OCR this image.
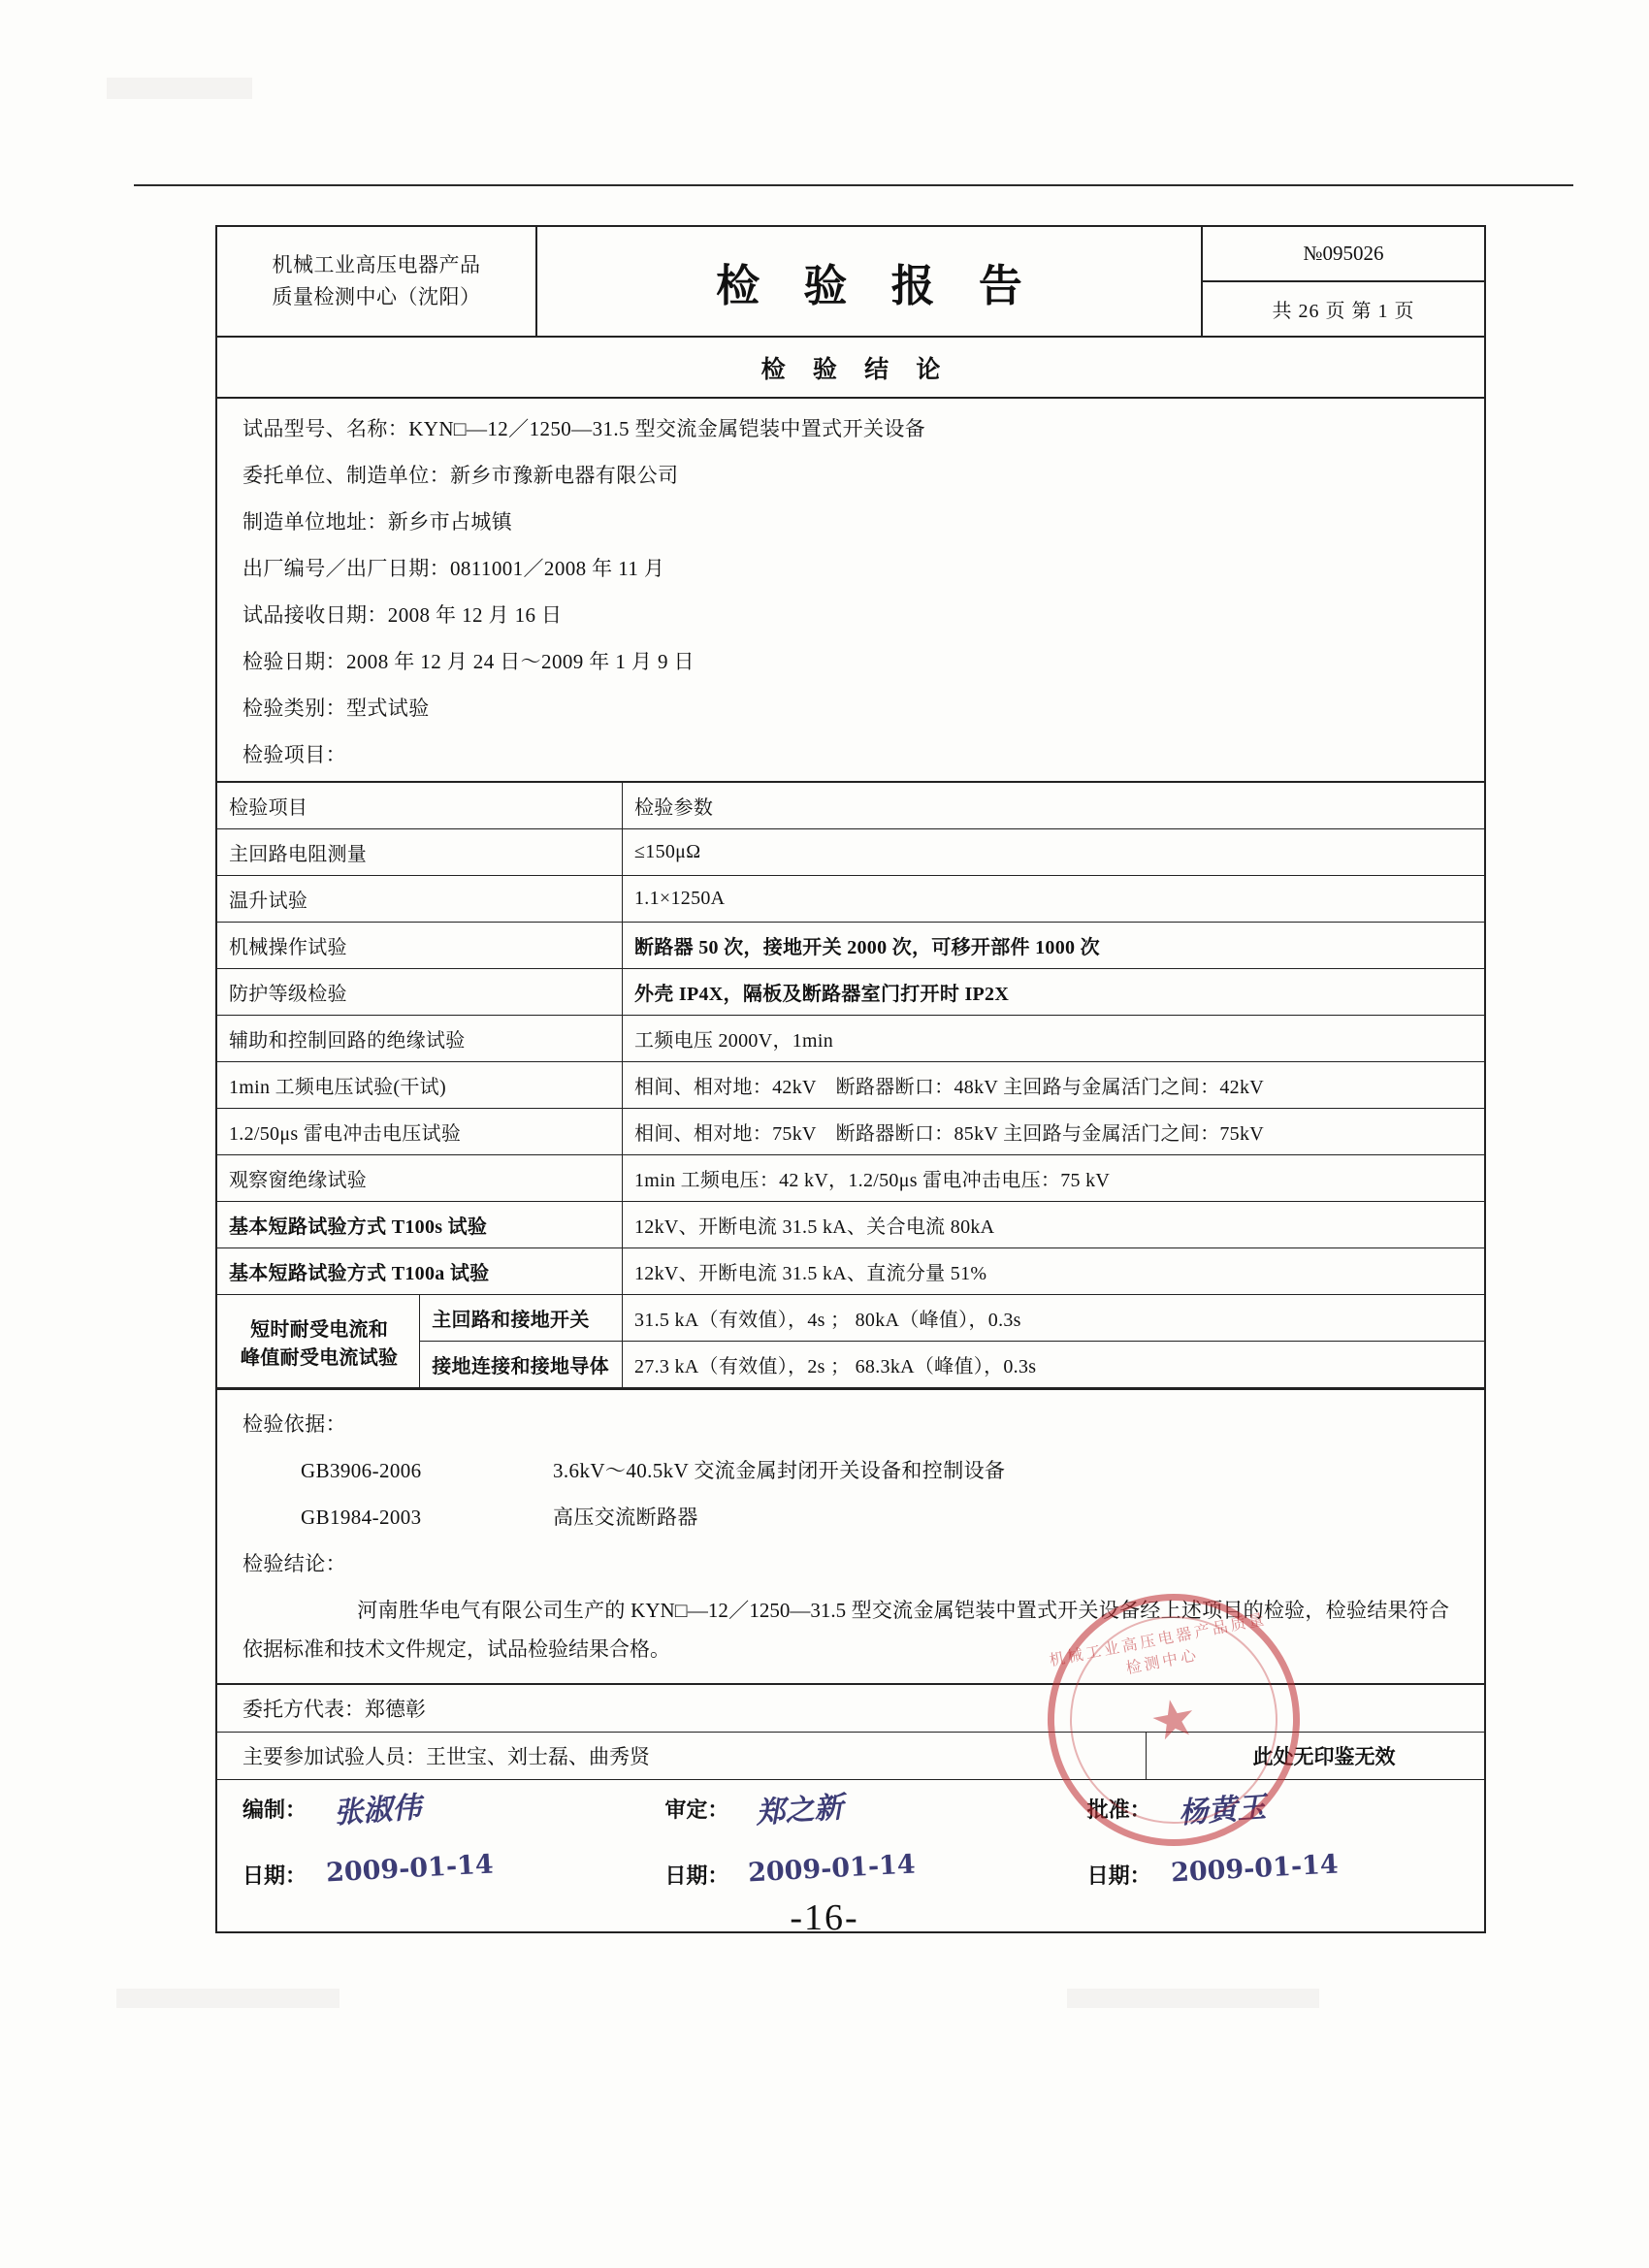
机械工业高压电器产品
质量检测中心（沈阳）	检 验 报 告
№095026
共 26 页 第 1 页
检 验 结 论
试品型号、名称：KYN□—12／1250—31.5 型交流金属铠装中置式开关设备
委托单位、制造单位：新乡市豫新电器有限公司
制造单位地址：新乡市占城镇
出厂编号／出厂日期：0811001／2008 年 11 月
试品接收日期：2008 年 12 月 16 日
检验日期：2008 年 12 月 24 日～2009 年 1 月 9 日
检验类别：型式试验
检验项目：
检验项目		检验参数
主回路电阻测量		≤150μΩ
温升试验		1.1×1250A
机械操作试验		断路器 50 次，接地开关 2000 次，可移开部件 1000 次
防护等级检验		外壳 IP4X，隔板及断路器室门打开时 IP2X
辅助和控制回路的绝缘试验		工频电压 2000V，1min
1min 工频电压试验(干试)		相间、相对地：42kV　断路器断口：48kV 主回路与金属活门之间：42kV
1.2/50μs 雷电冲击电压试验		相间、相对地：75kV　断路器断口：85kV 主回路与金属活门之间：75kV
观察窗绝缘试验		1min 工频电压：42 kV，1.2/50μs 雷电冲击电压：75 kV
基本短路试验方式 T100s 试验		12kV、开断电流 31.5 kA、关合电流 80kA
基本短路试验方式 T100a 试验		12kV、开断电流 31.5 kA、直流分量 51%

短时耐受电流和
峰值耐受电流试验	主回路和接地开关	31.5 kA（有效值），4s ； 80kA（峰值），0.3s
	接地连接和接地导体	27.3 kA（有效值），2s ； 68.3kA（峰值），0.3s
检验依据：
GB3906-2006	3.6kV～40.5kV 交流金属封闭开关设备和控制设备
GB1984-2003	高压交流断路器
检验结论：
河南胜华电气有限公司生产的 KYN□—12／1250—31.5 型交流金属铠装中置式开关设备经上述项目的检验，检验结果符合依据标准和技术文件规定，试品检验结果合格。
委托方代表：郑德彰
主要参加试验人员：王世宝、刘士磊、曲秀贤	此处无印鉴无效
编制： 张淑伟	审定： 郑之新	批准： 杨黄玉
日期： 2009-01-14	日期： 2009-01-14	日期： 2009-01-14
机械工业高压电器产品质量检测中心
★
-16-
